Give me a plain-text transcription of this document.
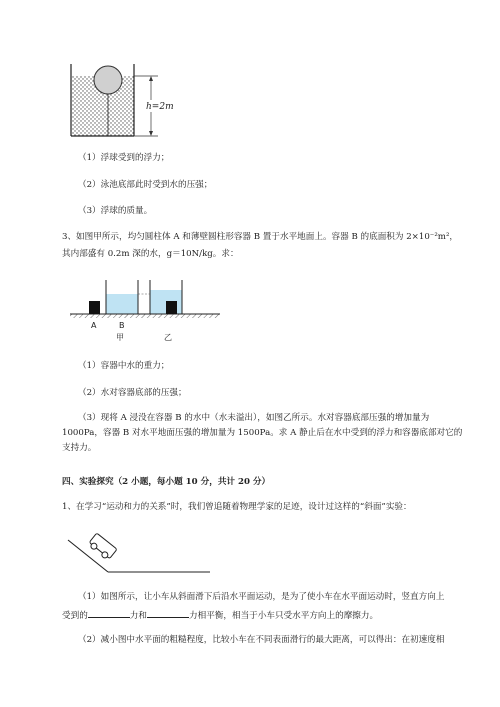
h=2m
（1）浮球受到的浮力；
（2）泳池底部此时受到水的压强；
（3）浮球的质量。
3、如图甲所示，均匀圆柱体 A 和薄壁圆柱形容器 B 置于水平地面上。容器 B 的底面积为 2×10⁻²m²，
其内部盛有 0.2m 深的水，g＝10N/kg。求：
A	B
甲	乙
（1）容器中水的重力；
（2）水对容器底部的压强；
（3）现将 A 浸没在容器 B 的水中（水未溢出），如图乙所示。水对容器底部压强的增加量为
1000Pa，容器 B 对水平地面压强的增加量为 1500Pa。求 A 静止后在水中受到的浮力和容器底部对它的
支持力。
四、实验探究（2 小题，每小题 10 分，共计 20 分）
1、在学习“运动和力的关系”时，我们曾追随着物理学家的足迹，设计过这样的“斜面”实验：
（1）如图所示，让小车从斜面滑下后沿水平面运动，是为了使小车在水平面运动时，竖直方向上
受到的	力和	力相平衡，相当于小车只受水平方向上的摩擦力。
（2）减小图中水平面的粗糙程度，比较小车在不同表面滑行的最大距离，可以得出：在初速度相
